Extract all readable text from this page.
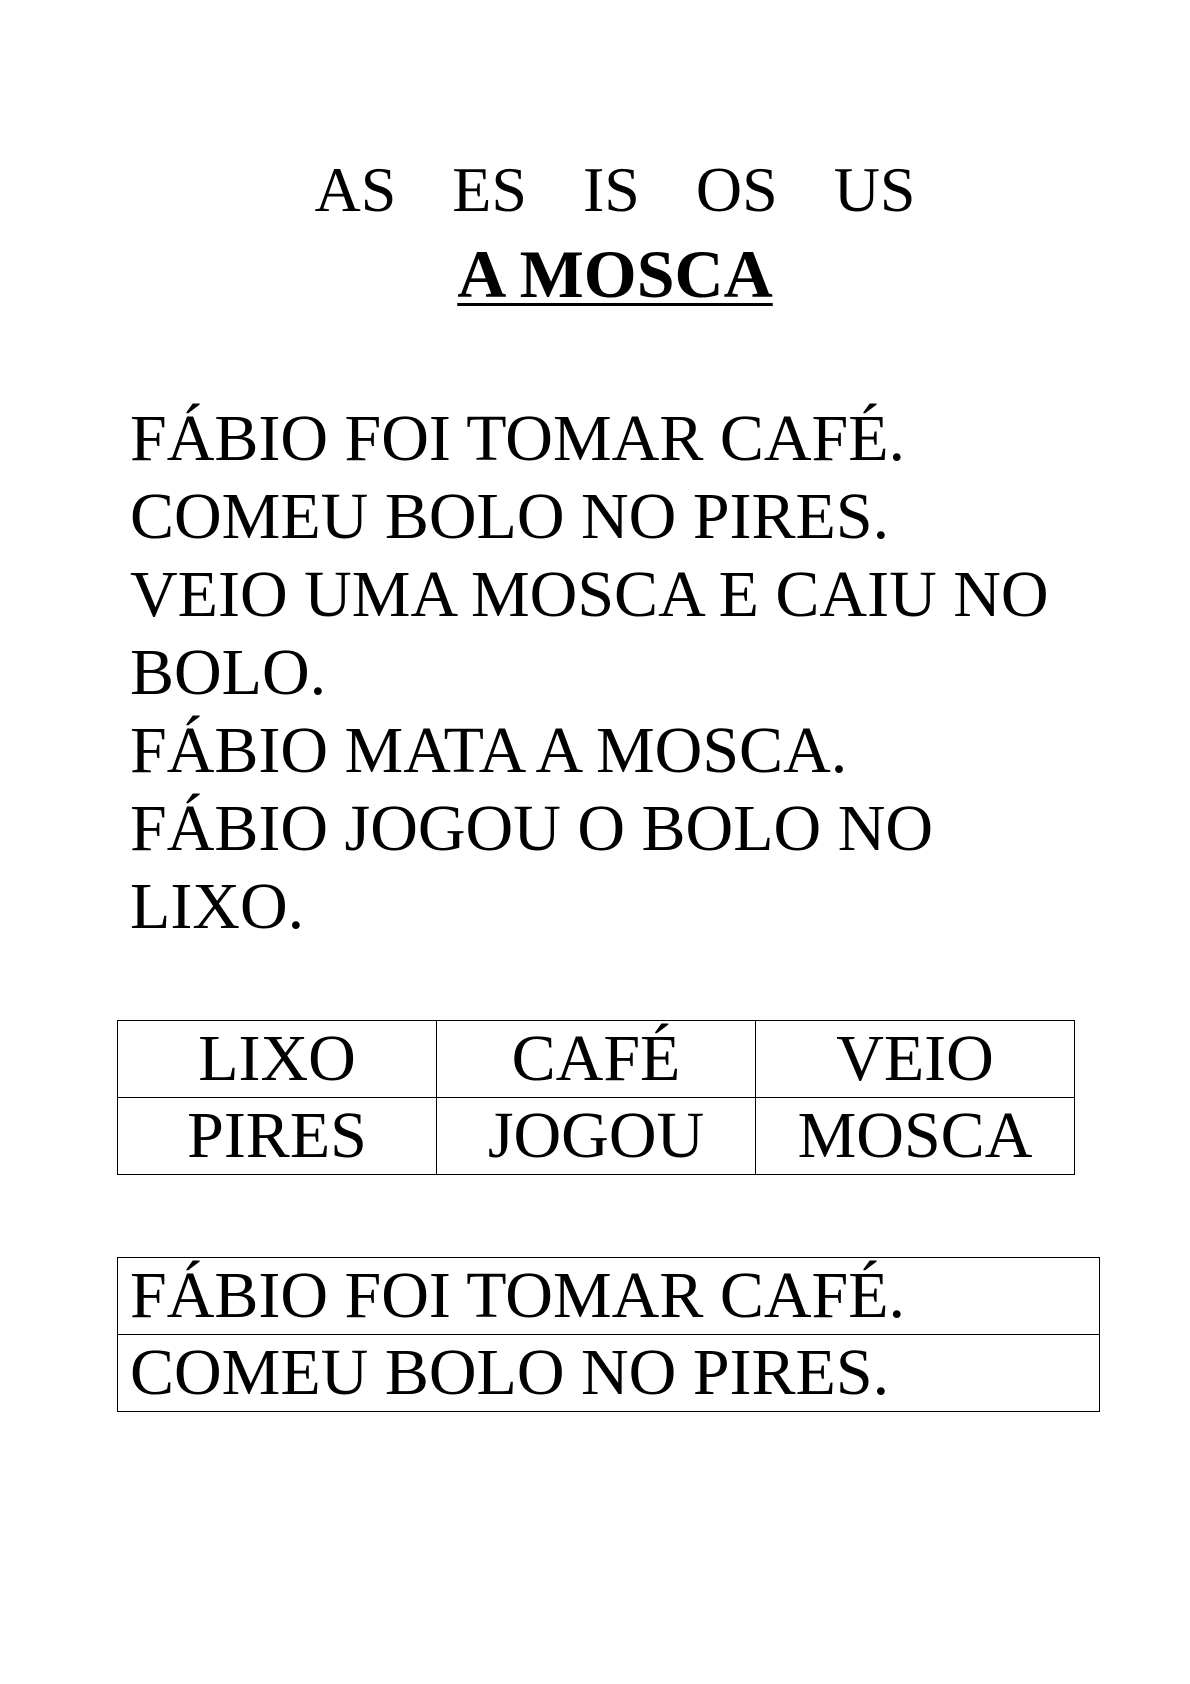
AS  ES  IS  OS  US
A MOSCA
FÁBIO FOI TOMAR CAFÉ.
COMEU BOLO NO PIRES.
VEIO UMA MOSCA E CAIU NO
BOLO.
FÁBIO MATA A MOSCA.
FÁBIO JOGOU O BOLO NO
LIXO.
LIXO	CAFÉ	VEIO
PIRES	JOGOU	MOSCA
FÁBIO FOI TOMAR CAFÉ.
COMEU BOLO NO PIRES.
